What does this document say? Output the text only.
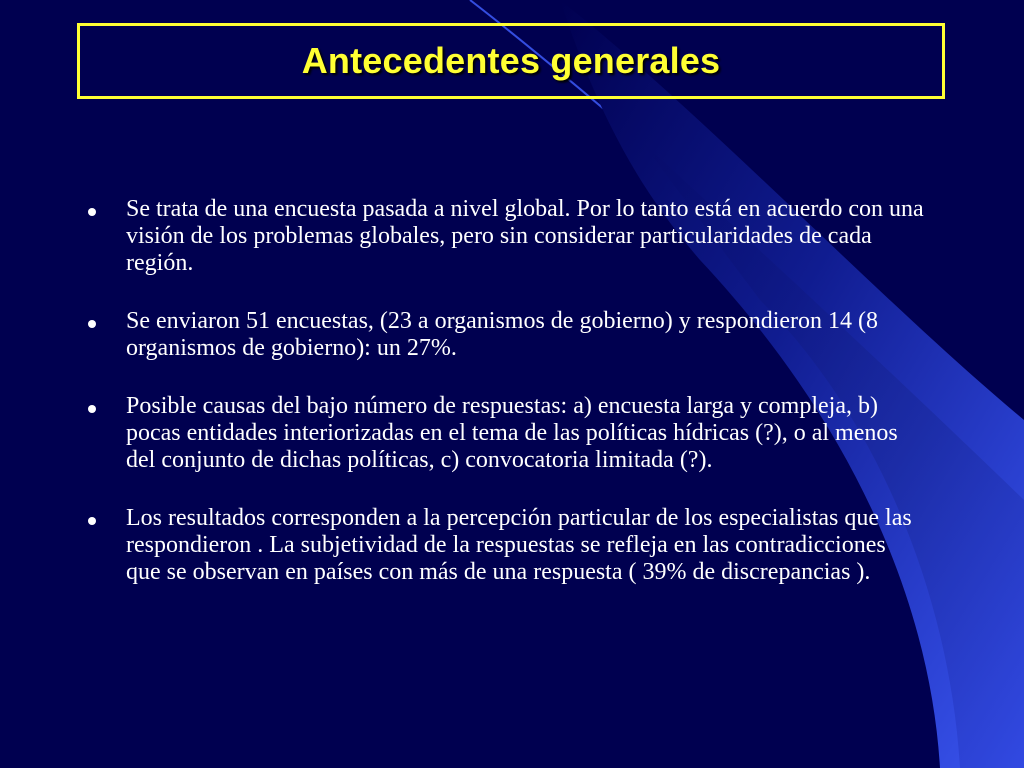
Antecedentes generales
Se trata de una encuesta pasada a nivel global. Por lo tanto está en acuerdo con una visión de los problemas globales, pero sin considerar particularidades de cada región.
Se enviaron 51 encuestas, (23 a organismos de gobierno) y respondieron 14 (8 organismos de gobierno): un 27%.
Posible causas del bajo número de respuestas: a) encuesta larga y compleja, b) pocas entidades interiorizadas en el tema de las políticas hídricas (?), o al menos del conjunto de dichas políticas, c) convocatoria limitada (?).
Los resultados corresponden a la percepción particular de los especialistas que las respondieron . La subjetividad de la respuestas se refleja en las contradicciones que se observan en países con más de una respuesta ( 39% de discrepancias ).
